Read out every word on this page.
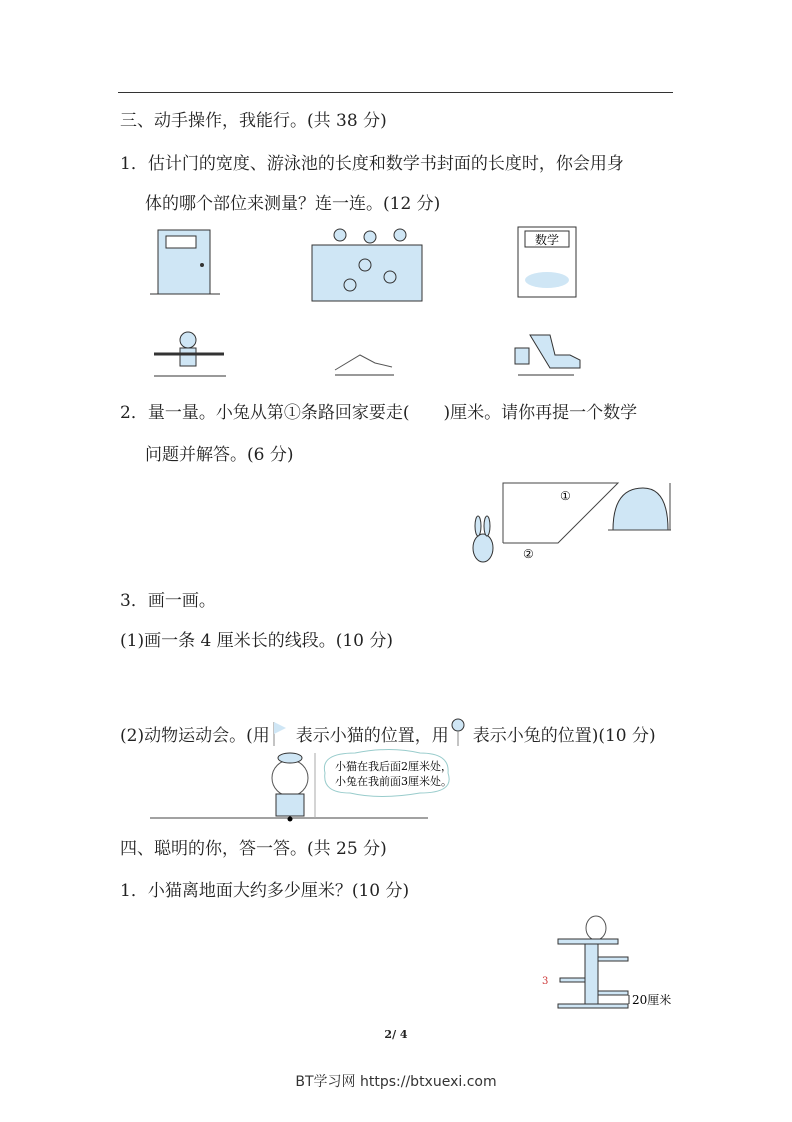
三、动手操作，我能行。(共 38 分)
1．估计门的宽度、游泳池的长度和数学书封面的长度时，你会用身
体的哪个部位来测量？连一连。(12 分)
数学
2．量一量。小兔从第①条路回家要走(　　)厘米。请你再提一个数学
问题并解答。(6 分)
①
②
3．画一画。
(1)画一条 4 厘米长的线段。(10 分)
(2)动物运动会。(用 表示小猫的位置，用 表示小兔的位置)(10 分)
小猫在我后面2厘米处，
小兔在我前面3厘米处。
四、聪明的你，答一答。(共 25 分)
1．小猫离地面大约多少厘米？(10 分)
3
20厘米
2/ 4
BT学习网 https://btxuexi.com
